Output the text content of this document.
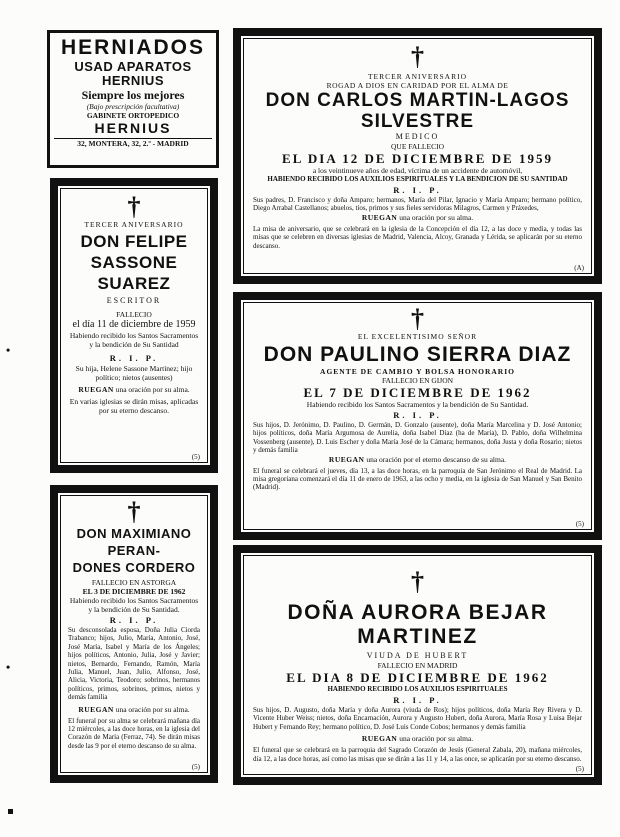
•
•
HERNIADOS
USAD APARATOS
HERNIUS
Siempre los mejores
(Bajo prescripción facultativa)
GABINETE ORTOPEDICO
HERNIUS
32, MONTERA, 32, 2.º - MADRID
†
TERCER ANIVERSARIO
DON FELIPE SASSONE
SUAREZ
ESCRITOR
FALLECIO
el día 11 de diciembre de 1959
Habiendo recibido los Santos Sacramentos y la bendición de Su Santidad
R. I. P.
Su hija, Helene Sassone Martínez; hijo político; nietos (ausentes)
RUEGAN una oración por su alma.
En varias iglesias se dirán misas, aplicadas por su eterno descanso.
(5)
†
DON MAXIMIANO PERAN-
DONES CORDERO
FALLECIO EN ASTORGA
EL 3 DE DICIEMBRE DE 1962
Habiendo recibido los Santos Sacramentos y la bendición de Su Santidad.
R. I. P.
Su desconsolada esposa, Doña Julia Ciorda Trabanco; hijos, Julio, María, Antonio, José, José María, Isabel y María de los Ángeles; hijos políticos, Antonio, Julia, José y Javier; nietos, Bernardo, Fernando, Ramón, María Julia, Manuel, Juan, Julio, Alfonso, José, Alicia, Victoria, Teodoro; sobrinos, hermanos políticos, primos, sobrinos, primos, nietos y demás familia
RUEGAN una oración por su alma.
El funeral por su alma se celebrará mañana día 12 miércoles, a las doce horas, en la iglesia del Corazón de María (Ferraz, 74). Se dirán misas desde las 9 por el eterno descanso de su alma.
(5)
†
TERCER ANIVERSARIO
ROGAD A DIOS EN CARIDAD POR EL ALMA DE
DON CARLOS MARTIN-LAGOS SILVESTRE
MEDICO
QUE FALLECIO
EL DIA 12 DE DICIEMBRE DE 1959
a los veintinueve años de edad, víctima de un accidente de automóvil,
HABIENDO RECIBIDO LOS AUXILIOS ESPIRITUALES Y LA BENDICION DE SU SANTIDAD
R. I. P.
Sus padres, D. Francisco y doña Amparo; hermanos, María del Pilar, Ignacio y María Amparo; hermano político, Diego Arrabal Castellanos; abuelos, tíos, primos y sus fieles servidoras Milagros, Carmen y Práxedes,
RUEGAN una oración por su alma.
La misa de aniversario, que se celebrará en la iglesia de la Concepción el día 12, a las doce y media, y todas las misas que se celebren en diversas iglesias de Madrid, Valencia, Alcoy, Granada y Lérida, se aplicarán por su eterno descanso.
(A)
†
EL EXCELENTISIMO SEÑOR
DON PAULINO SIERRA DIAZ
AGENTE DE CAMBIO Y BOLSA HONORARIO
FALLECIO EN GIJON
EL 7 DE DICIEMBRE DE 1962
Habiendo recibido los Santos Sacramentos y la bendición de Su Santidad.
R. I. P.
Sus hijos, D. Jerónimo, D. Paulino, D. Germán, D. Gonzalo (ausente), doña María Marcelina y D. José Antonio; hijos políticos, doña María Argumosa de Aurelia, doña Isabel Díaz (ha de María), D. Pablo, doña Wilhelmina Vossenberg (ausente), D. Luis Escher y doña María José de la Cámara; hermanos, doña Justa y doña Rosario; nietos y demás familia
RUEGAN una oración por el eterno descanso de su alma.
El funeral se celebrará el jueves, día 13, a las doce horas, en la parroquia de San Jerónimo el Real de Madrid. La misa gregoriana comenzará el día 11 de enero de 1963, a las ocho y media, en la iglesia de San Manuel y San Benito (Madrid).
(5)
†
DOÑA AURORA BEJAR MARTINEZ
VIUDA DE HUBERT
FALLECIO EN MADRID
EL DIA 8 DE DICIEMBRE DE 1962
HABIENDO RECIBIDO LOS AUXILIOS ESPIRITUALES
R. I. P.
Sus hijos, D. Augusto, doña María y doña Aurora (viuda de Ros); hijos políticos, doña María Rey Rivera y D. Vicente Huber Weiss; nietos, doña Encarnación, Aurora y Augusto Hubert, doña Aurora, María Rosa y Luisa Bejar Hubert y Fernando Rey; hermano político, D. José Luis Conde Cobos; hermanos y demás familia
RUEGAN una oración por su alma.
El funeral que se celebrará en la parroquia del Sagrado Corazón de Jesús (General Zabala, 20), mañana miércoles, día 12, a las doce horas, así como las misas que se dirán a las 11 y 14, a las once, se aplicarán por su eterno descanso.
(5)
